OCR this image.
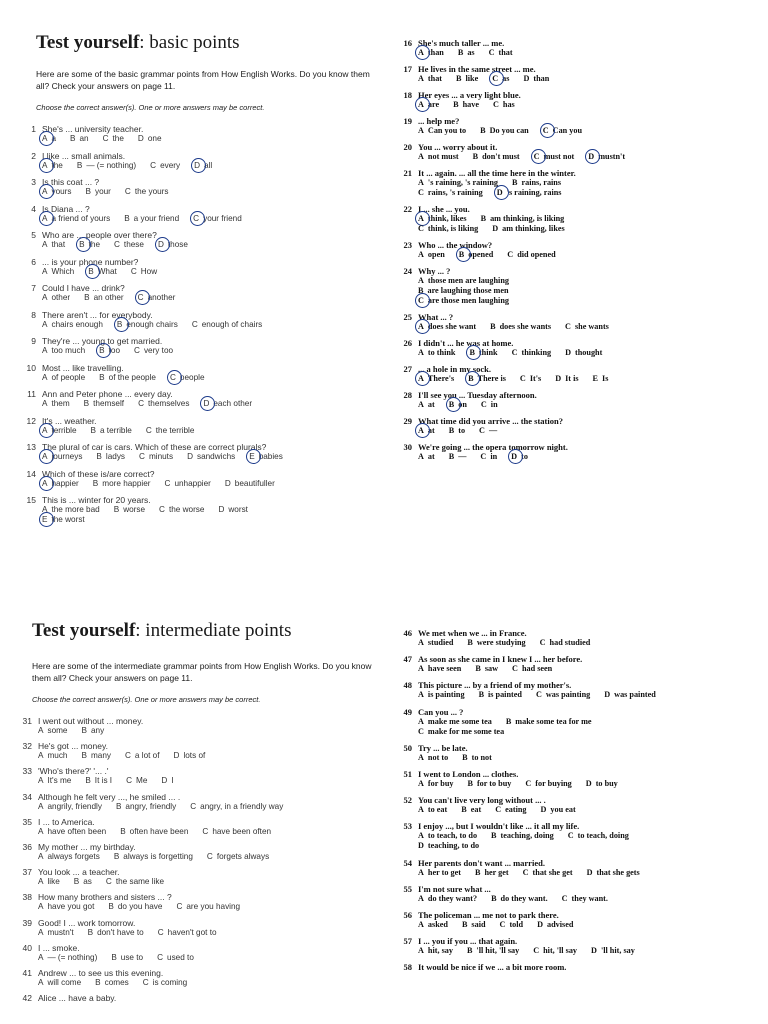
Test yourself: basic points
Here are some of the basic grammar points from How English Works. Do you know them all? Check your answers on page 11.
Choose the correct answer(s). One or more answers may be correct.
1 She's ... university teacher.
A a B an C the D one
2 I like ... small animals.
A the B — (= nothing) C every D all
3 Is this coat ... ?
A yours B your C the yours
4 Is Diana ... ?
A a friend of yours B a your friend C your friend
5 Who are ... people over there?
A that B the C these D those
6 ... is your phone number?
A Which B What C How
7 Could I have ... drink?
A other B an other C another
8 There aren't ... for everybody.
A chairs enough B enough chairs C enough of chairs
9 They're ... young to get married.
A too much B too C very too
10 Most ... like travelling.
A of people B of the people C people
11 Ann and Peter phone ... every day.
A them B themself C themselves D each other
12 It's ... weather.
A terrible B a terrible C the terrible
13 The plural of car is cars. Which of these are correct plurals?
A journeys B ladys C minuts D sandwichs E babies
14 Which of these is/are correct?
A happier B more happier C unhappier D beautifuller
15 This is ... winter for 20 years.
A the more bad B worse C the worse D worst
E the worst
16 She's much taller ... me.
A than B as C that
17 He lives in the same street ... me.
A that B like C as D than
18 Her eyes ... a very light blue.
A are B have C has
19 ... help me?
A Can you to B Do you can C Can you
20 You ... worry about it.
A not must B don't must C must not D mustn't
21 It ... again. ... all the time here in the winter.
A 's raining, 's raining B rains, rains
C rains, 's raining D 's raining, rains
22 I ... she ... you.
A think, likes B am thinking, is liking
C think, is liking D am thinking, likes
23 Who ... the window?
A open B opened C did opened
24 Why ... ?
A those men are laughing
B are laughing those men
C are those men laughing
25 What ... ?
A does she want B does she wants C she wants
26 I didn't ... he was at home.
A to think B think C thinking D thought
27 ... a hole in my sock.
A There's B There is C It's D It is E Is
28 I'll see you ... Tuesday afternoon.
A at B on C in
29 What time did you arrive ... the station?
A at B to C —
30 We're going ... the opera tomorrow night.
A at B — C in D to
Test yourself: intermediate points
Here are some of the intermediate grammar points from How English Works. Do you know them all? Check your answers on page 11.
Choose the correct answer(s). One or more answers may be correct.
31 I went out without ... money.
A some B any
32 He's got ... money.
A much B many C a lot of D lots of
33 'Who's there?' '... .'
A It's me B It is I C Me D I
34 Although he felt very ..., he smiled ... .
A angrily, friendly B angry, friendly C angry, in a friendly way
35 I ... to America.
A have often been B often have been C have been often
36 My mother ... my birthday.
A always forgets B always is forgetting C forgets always
37 You look ... a teacher.
A like B as C the same like
38 How many brothers and sisters ... ?
A have you got B do you have C are you having
39 Good! I ... work tomorrow.
A mustn't B don't have to C haven't got to
40 I ... smoke.
A — (= nothing) B use to C used to
41 Andrew ... to see us this evening.
A will come B comes C is coming
42 Alice ... have a baby.
46 We met when we ... in France.
A studied B were studying C had studied
47 As soon as she came in I knew I ... her before.
A have seen B saw C had seen
48 This picture ... by a friend of my mother's.
A is painting B is painted C was painting D was painted
49 Can you ... ?
A make me some tea B make some tea for me
C make for me some tea
50 Try ... be late.
A not to B to not
51 I went to London ... clothes.
A for buy B for to buy C for buying D to buy
52 You can't live very long without ... .
A to eat B eat C eating D you eat
53 I enjoy ..., but I wouldn't like ... it all my life.
A to teach, to do B teaching, doing C to teach, doing
D teaching, to do
54 Her parents don't want ... married.
A her to get B her get C that she get D that she gets
55 I'm not sure what ...
A do they want? B do they want. C they want.
56 The policeman ... me not to park there.
A asked B said C told D advised
57 I ... you if you ... that again.
A hit, say B 'll hit, 'll say C hit, 'll say D 'll hit, say
58 It would be nice if we ... a bit more room.
